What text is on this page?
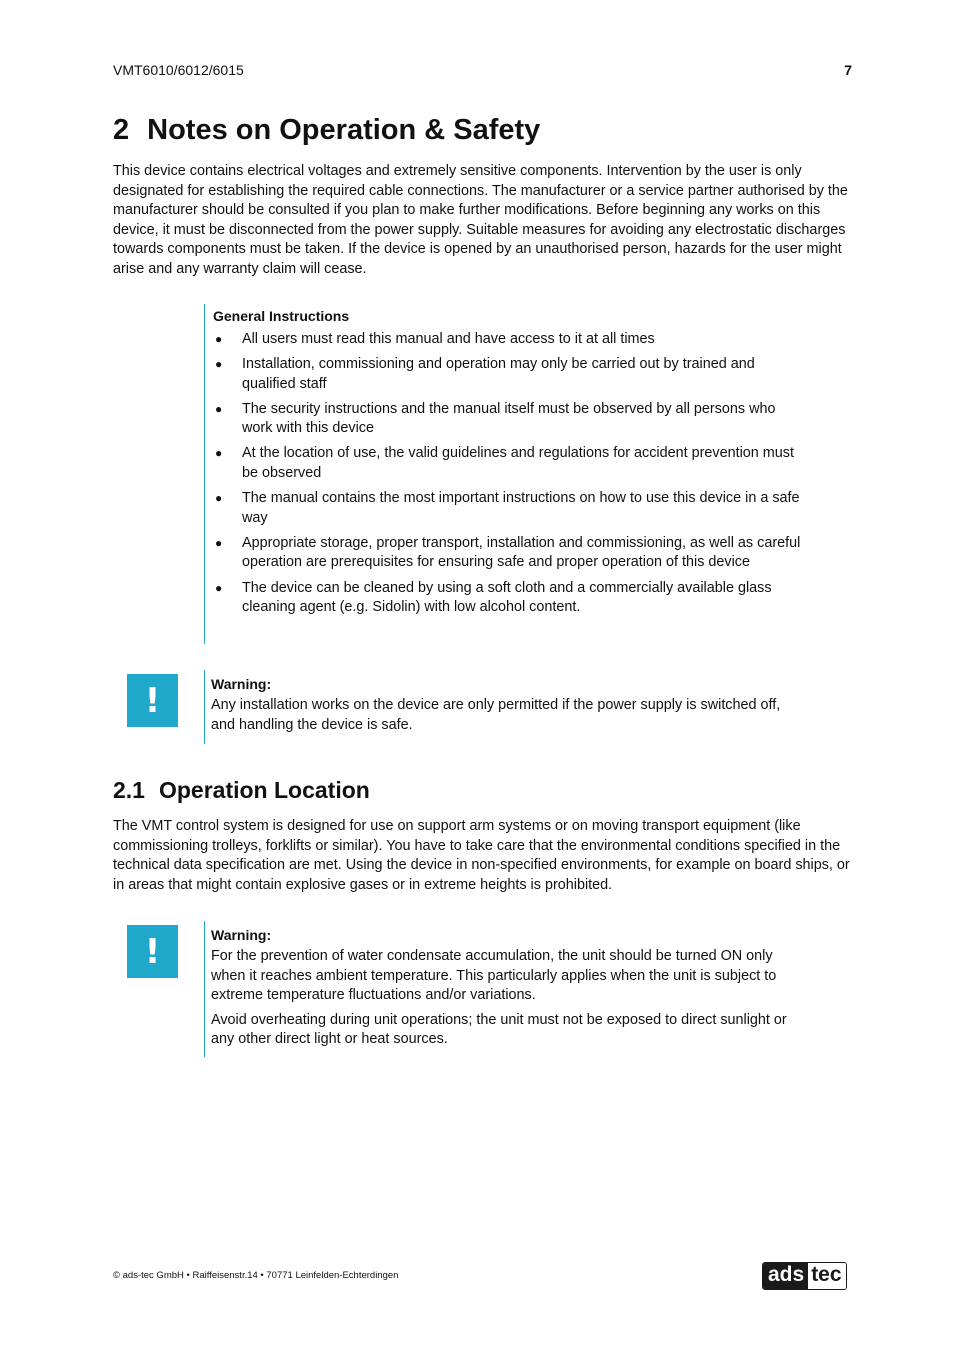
VMT6010/6012/6015	7
2 Notes on Operation & Safety

This device contains electrical voltages and extremely sensitive components. Intervention by the user is only designated for establishing the required cable connections. The manufacturer or a service partner authorised by the manufacturer should be consulted if you plan to make further modifications. Before beginning any works on this device, it must be disconnected from the power supply. Suitable measures for avoiding any electrostatic discharges towards components must be taken. If the device is opened by an unauthorised person, hazards for the user might arise and any warranty claim will cease.

General Instructions
● All users must read this manual and have access to it at all times
● Installation, commissioning and operation may only be carried out by trained and qualified staff
● The security instructions and the manual itself must be observed by all persons who work with this device
● At the location of use, the valid guidelines and regulations for accident prevention must be observed
● The manual contains the most important instructions on how to use this device in a safe way
● Appropriate storage, proper transport, installation and commissioning, as well as careful operation are prerequisites for ensuring safe and proper operation of this device
● The device can be cleaned by using a soft cloth and a commercially available glass cleaning agent (e.g. Sidolin) with low alcohol content.
!	Warning:

Any installation works on the device are only permitted if the power supply is switched off, and handling the device is safe.

2.1 Operation Location

The VMT control system is designed for use on support arm systems or on moving transport equipment (like commissioning trolleys, forklifts or similar). You have to take care that the environmental conditions specified in the technical data specification are met. Using the device in non-specified environments, for example on board ships, or in areas that might contain explosive gases or in extreme heights is prohibited.

!	Warning:

For the prevention of water condensate accumulation, the unit should be turned ON only when it reaches ambient temperature. This particularly applies when the unit is subject to extreme temperature fluctuations and/or variations.

Avoid overheating during unit operations; the unit must not be exposed to direct sunlight or any other direct light or heat sources.

© ads-tec GmbH • Raiffeisenstr.14 • 70771 Leinfelden-Echterdingen	ads tec
